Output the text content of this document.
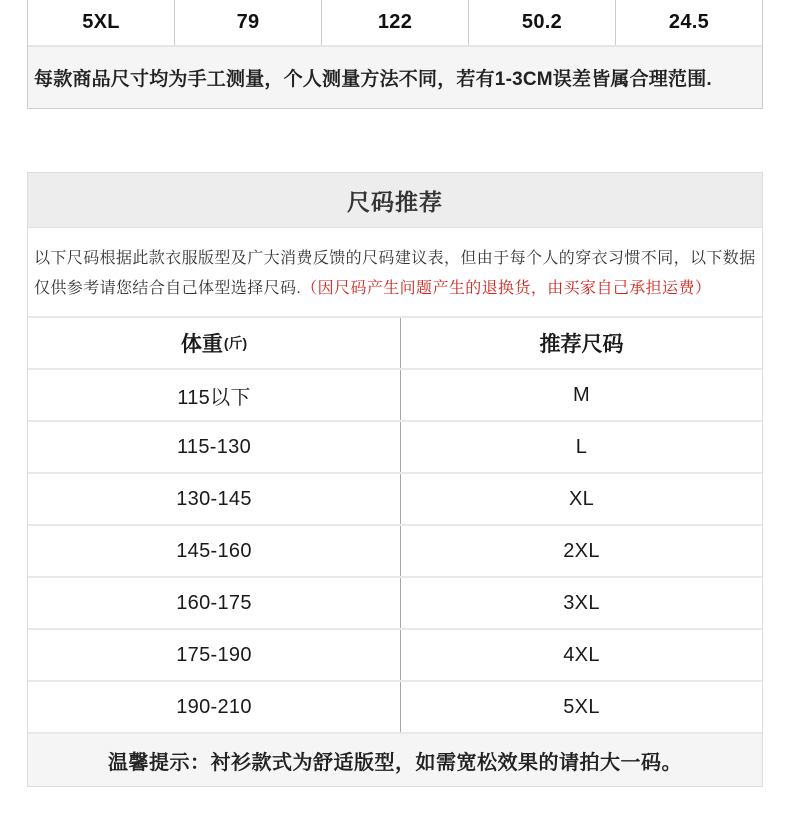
5XL	79	122	50.2	24.5
每款商品尺寸均为手工测量，个人测量方法不同，若有1-3CM误差皆属合理范围.
尺码推荐
以下尺码根据此款衣服版型及广大消费反馈的尺码建议表，但由于每个人的穿衣习惯不同，以下数据仅供参考请您结合自己体型选择尺码.（因尺码产生问题产生的退换货，由买家自己承担运费）
体重 (斤)	推荐尺码
115以下	M
115-130	L
130-145	XL
145-160	2XL
160-175	3XL
175-190	4XL
190-210	5XL
温馨提示：衬衫款式为舒适版型，如需宽松效果的请拍大一码。
